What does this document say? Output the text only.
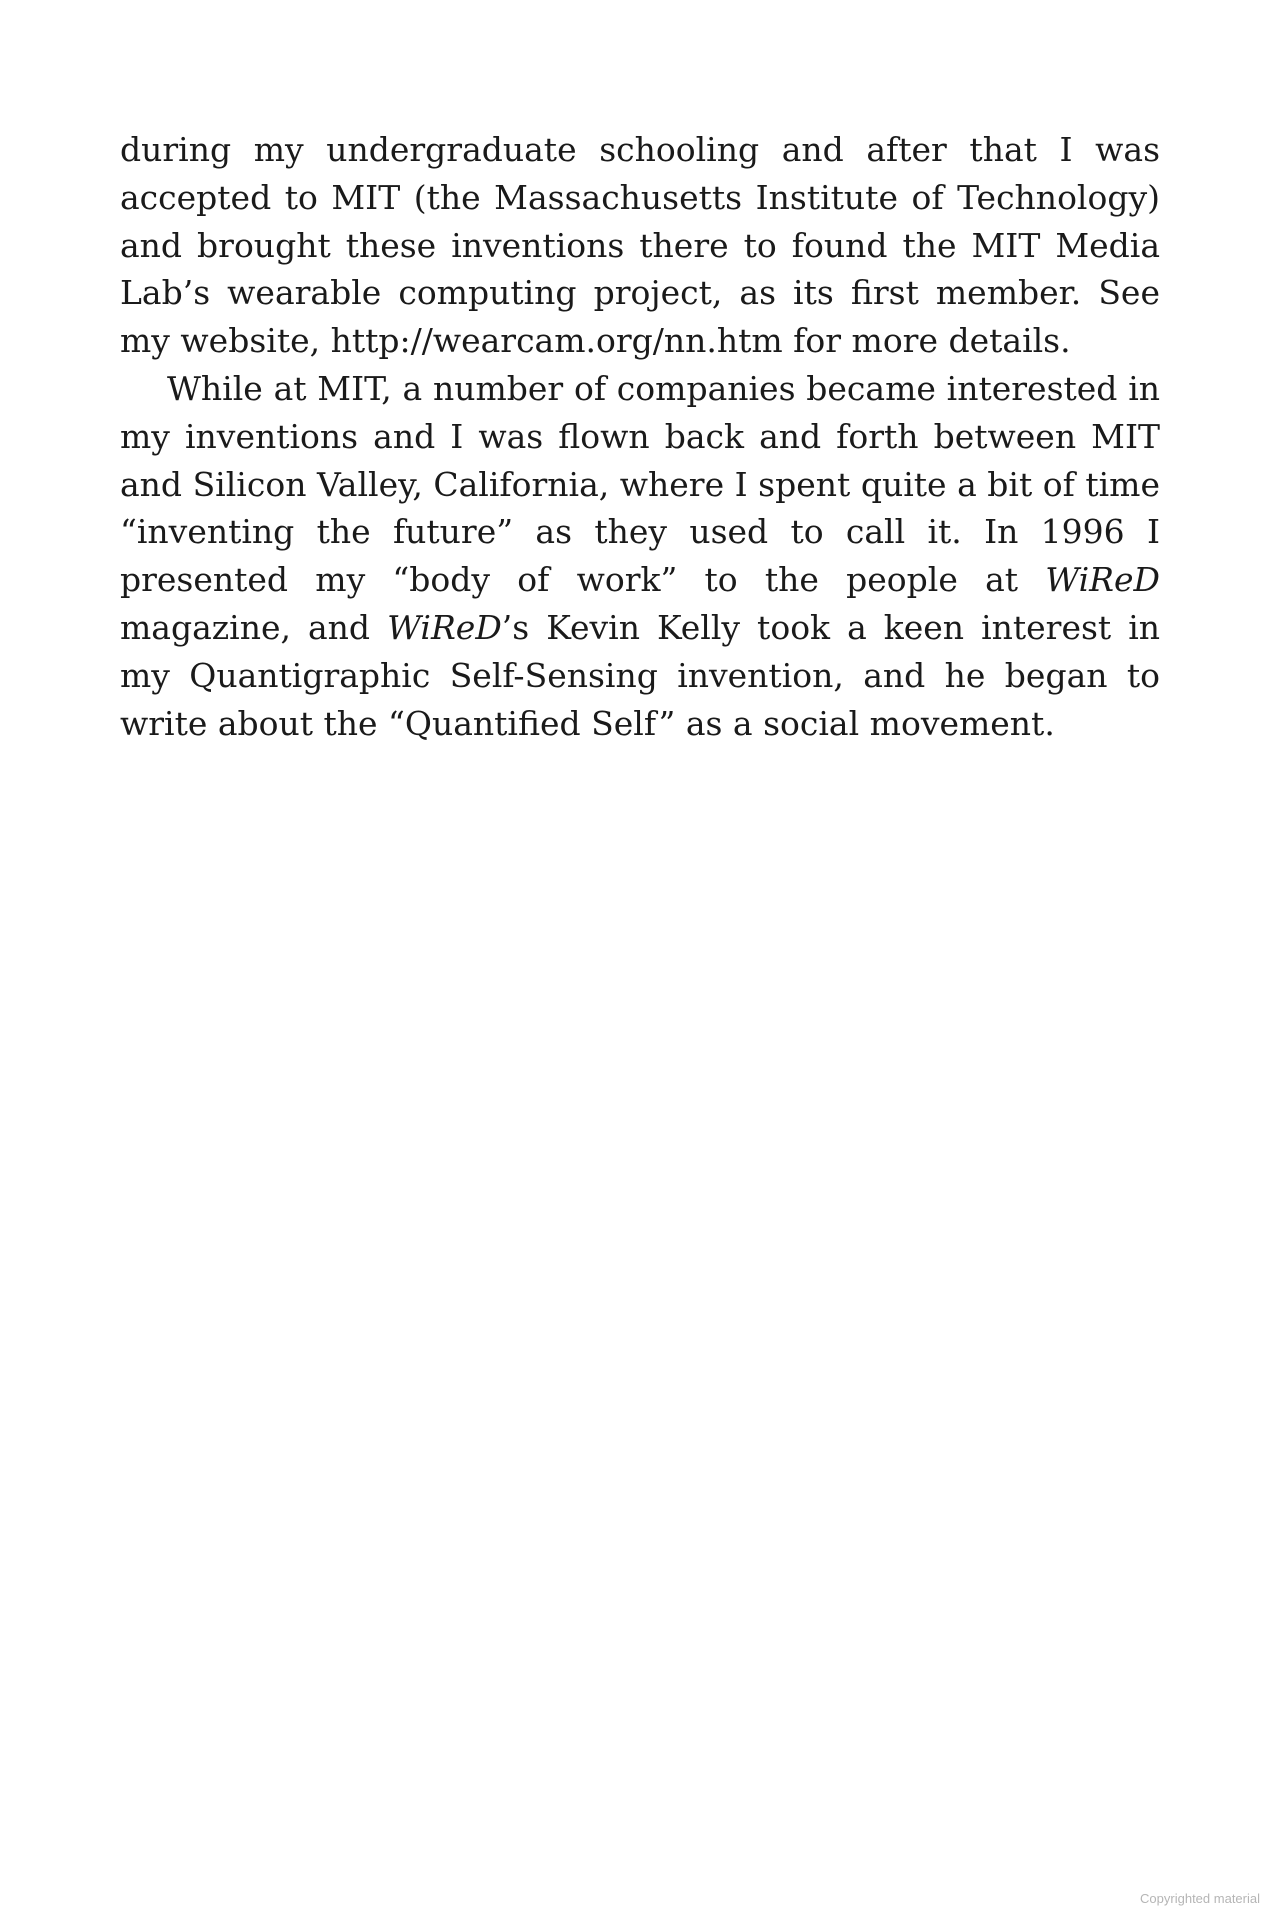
during my undergraduate schooling and after that I was accepted to MIT (the Massachusetts Institute of Technology) and brought these inventions there to found the MIT Media Lab’s wearable computing project, as its first member. See my website, http://wearcam.org/nn.htm for more details.

While at MIT, a number of companies became interested in my inventions and I was flown back and forth between MIT and Silicon Valley, California, where I spent quite a bit of time “inventing the future” as they used to call it. In 1996 I presented my “body of work” to the people at WiReD magazine, and WiReD’s Kevin Kelly took a keen interest in my Quantigraphic Self-Sensing invention, and he began to write about the “Quantified Self” as a social movement.

Copyrighted material
